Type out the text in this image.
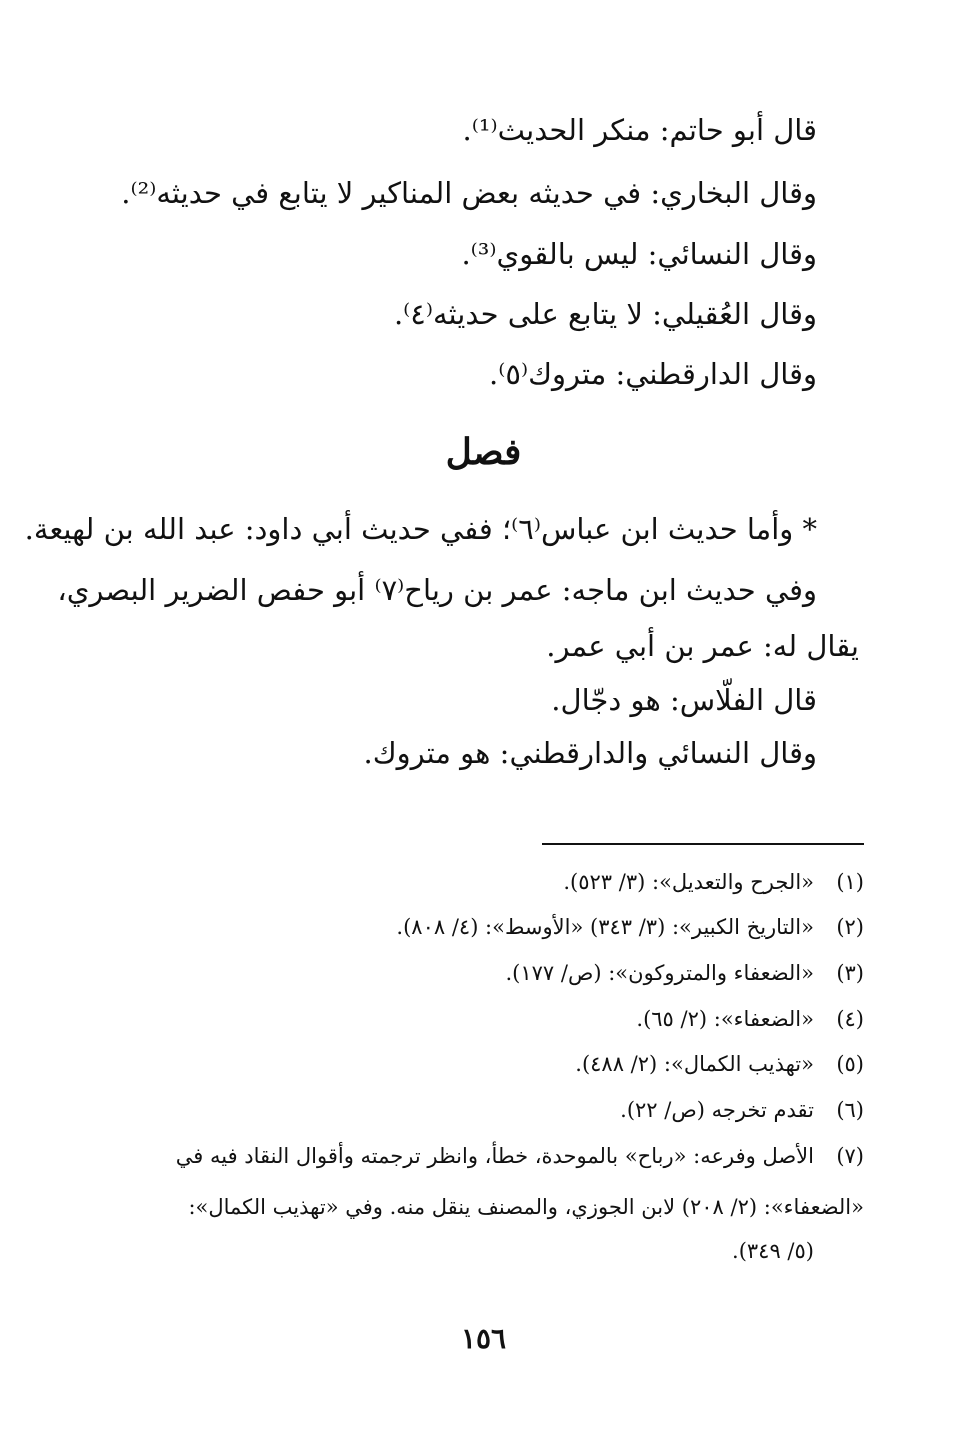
قال أبو حاتم: منكر الحديث⁽¹⁾.
وقال البخاري: في حديثه بعض المناكير لا يتابع في حديثه⁽²⁾.
وقال النسائي: ليس بالقوي⁽³⁾.
وقال العُقيلي: لا يتابع على حديثه⁽٤⁾.
وقال الدارقطني: متروك⁽٥⁾.
فصل
* وأما حديث ابن عباس⁽٦⁾؛ ففي حديث أبي داود: عبد الله بن لهيعة.
وفي حديث ابن ماجه: عمر بن رياح⁽٧⁾ أبو حفص الضرير البصري،
يقال له: عمر بن أبي عمر.
قال الفلّاس: هو دجّال.
وقال النسائي والدارقطني: هو متروك.
(١)«الجرح والتعديل»: (٣/ ٥٢٣).
(٢)«التاريخ الكبير»: (٣/ ٣٤٣) «الأوسط»: (٤/ ٨٠٨).
(٣)«الضعفاء والمتروكون»: (ص/ ١٧٧).
(٤)«الضعفاء»: (٢/ ٦٥).
(٥)«تهذيب الكمال»: (٢/ ٤٨٨).
(٦)تقدم تخرجه (ص/ ٢٢).
(٧)الأصل وفرعه: «رباح» بالموحدة، خطأ، وانظر ترجمته وأقوال النقاد فيه في
«الضعفاء»: (٢/ ٢٠٨) لابن الجوزي، والمصنف ينقل منه. وفي «تهذيب الكمال»:
(٥/ ٣٤٩).
١٥٦
